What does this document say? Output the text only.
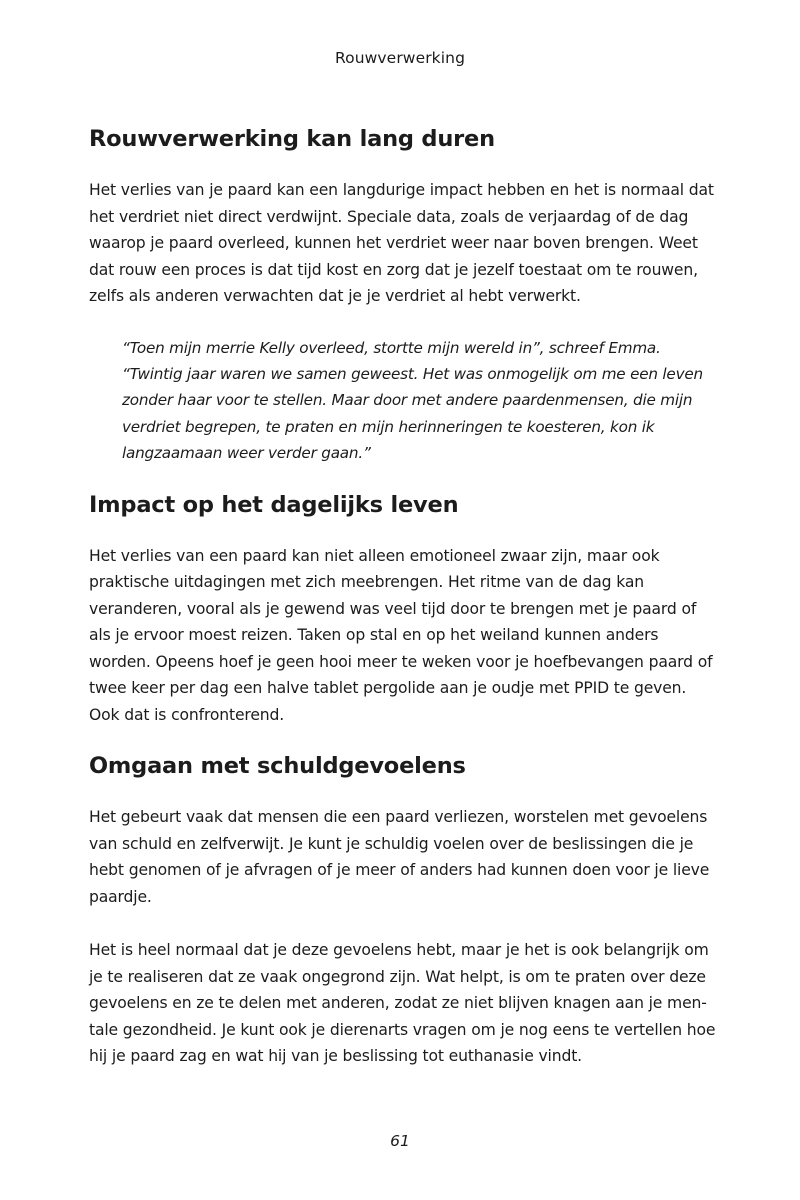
Rouwverwerking
Rouwverwerking kan lang duren

Het verlies van je paard kan een langdurige impact hebben en het is normaal dat het verdriet niet direct verdwijnt. Speciale data, zoals de verjaardag of de dag waarop je paard overleed, kunnen het verdriet weer naar boven brengen. Weet dat rouw een proces is dat tijd kost en zorg dat je jezelf toestaat om te rouwen, zelfs als anderen verwachten dat je je verdriet al hebt verwerkt.

“Toen mijn merrie Kelly overleed, stortte mijn wereld in”, schreef Emma. “Twintig jaar waren we samen geweest. Het was onmogelijk om me een leven zonder haar voor te stellen. Maar door met andere paardenmensen, die mijn verdriet begrepen, te praten en mijn herinneringen te koesteren, kon ik langzaamaan weer verder gaan.”
Impact op het dagelijks leven

Het verlies van een paard kan niet alleen emotioneel zwaar zijn, maar ook praktische uitdagingen met zich meebrengen. Het ritme van de dag kan veranderen, vooral als je gewend was veel tijd door te brengen met je paard of als je ervoor moest reizen. Taken op stal en op het weiland kunnen anders worden. Opeens hoef je geen hooi meer te weken voor je hoefbevangen paard of twee keer per dag een halve tablet pergolide aan je oudje met PPID te geven. Ook dat is confronterend.

Omgaan met schuldgevoelens

Het gebeurt vaak dat mensen die een paard verliezen, worstelen met gevoelens van schuld en zelfverwijt. Je kunt je schuldig voelen over de beslissingen die je hebt genomen of je afvragen of je meer of anders had kunnen doen voor je lieve paardje.

Het is heel normaal dat je deze gevoelens hebt, maar je het is ook belangrijk om je te realiseren dat ze vaak ongegrond zijn. Wat helpt, is om te praten over deze gevoelens en ze te delen met anderen, zodat ze niet blijven knagen aan je mentale gezondheid. Je kunt ook je dierenarts vragen om je nog eens te vertellen hoe hij je paard zag en wat hij van je beslissing tot euthanasie vindt.

61
